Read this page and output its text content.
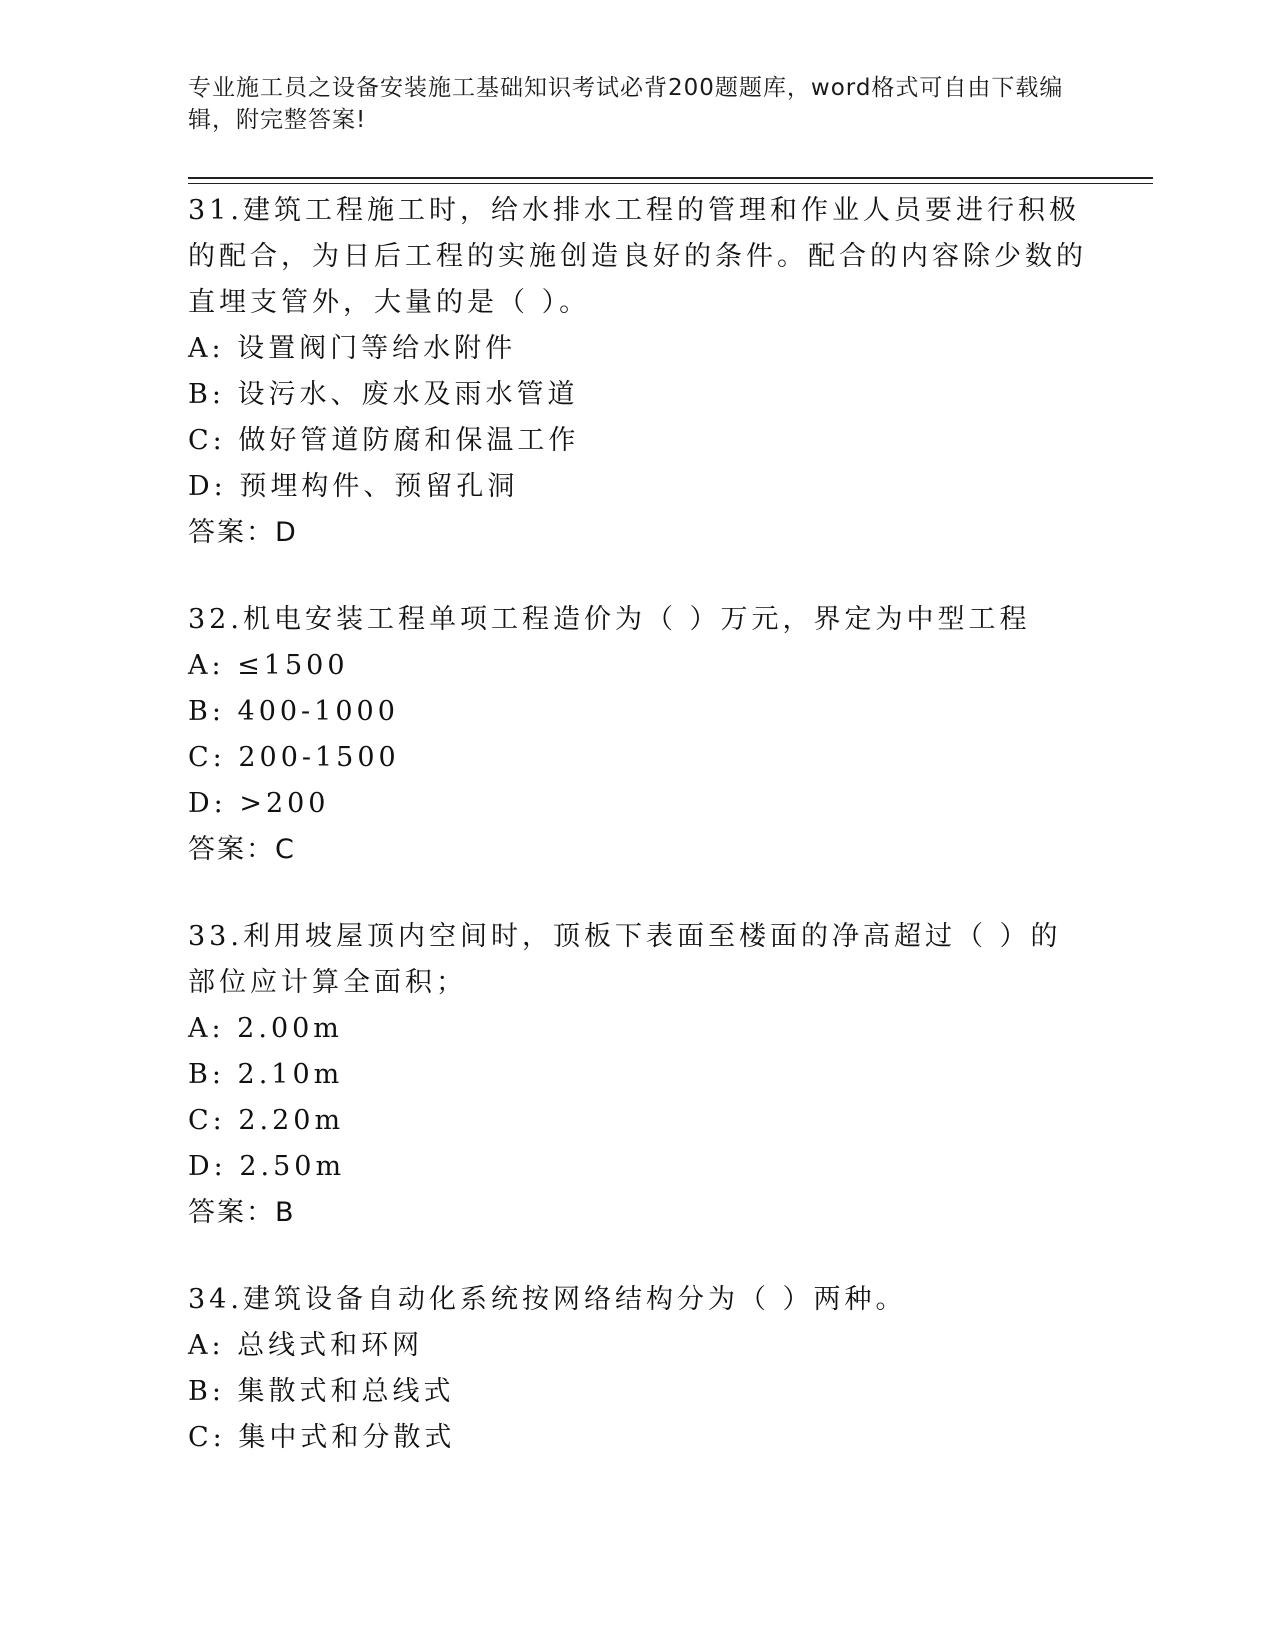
专业施工员之设备安装施工基础知识考试必背200题题库，word格式可自由下载编辑，附完整答案!

31.建筑工程施工时，给水排水工程的管理和作业人员要进行积极的配合，为日后工程的实施创造良好的条件。配合的内容除少数的直埋支管外，大量的是（ ）。

A: 设置阀门等给水附件

B: 设污水、废水及雨水管道

C: 做好管道防腐和保温工作

D: 预埋构件、预留孔洞

答案：D

32.机电安装工程单项工程造价为（ ）万元，界定为中型工程

A: ≤1500

B: 400-1000

C: 200-1500

D: >200

答案：C

33.利用坡屋顶内空间时，顶板下表面至楼面的净高超过（ ）的部位应计算全面积；

A: 2.00m

B: 2.10m

C: 2.20m

D: 2.50m

答案：B

34.建筑设备自动化系统按网络结构分为（ ）两种。

A: 总线式和环网

B: 集散式和总线式

C: 集中式和分散式
